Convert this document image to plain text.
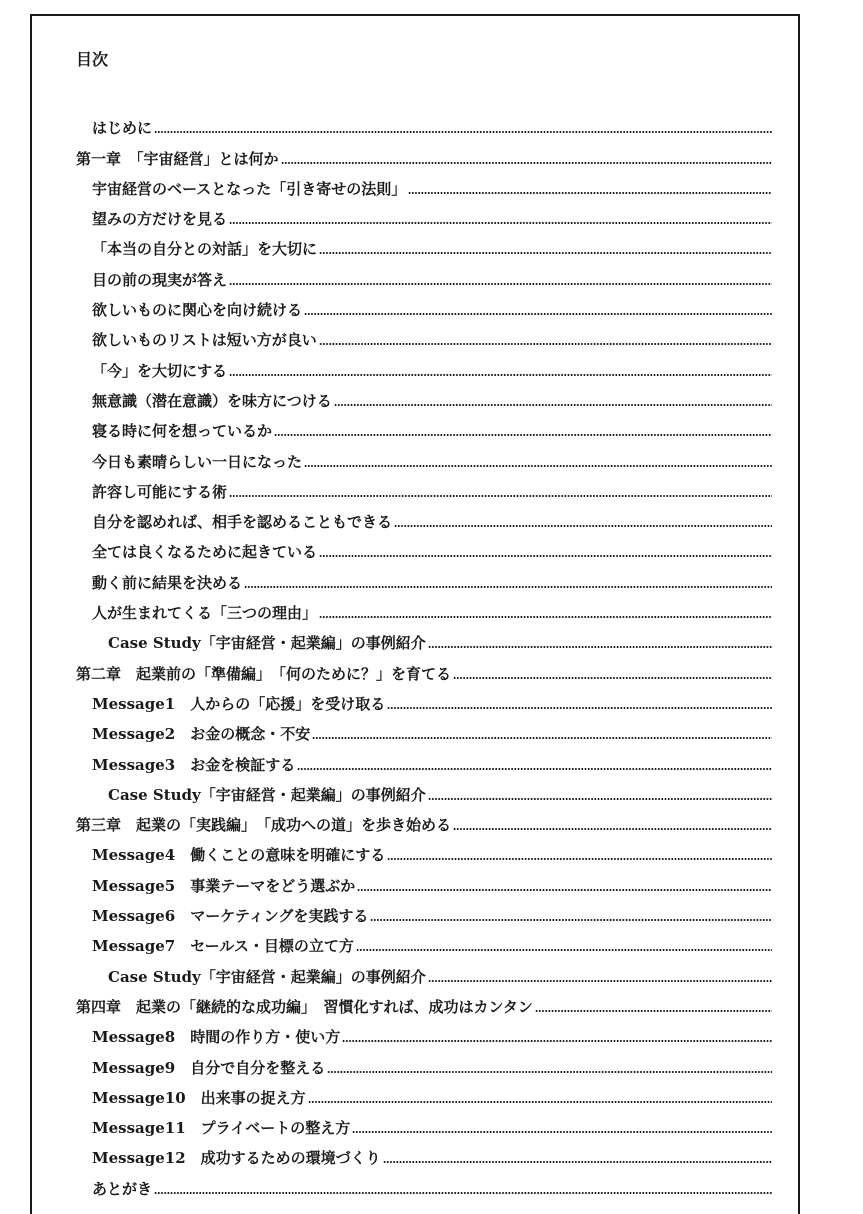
目次
はじめに
第一章　「宇宙経営」とは何か
宇宙経営のベースとなった「引き寄せの法則」
望みの方だけを見る
「本当の自分との対話」を大切に
目の前の現実が答え
欲しいものに関心を向け続ける
欲しいものリストは短い方が良い
「今」を大切にする
無意識（潜在意識）を味方につける
寝る時に何を想っているか
今日も素晴らしい一日になった
許容し可能にする術
自分を認めれば、相手を認めることもできる
全ては良くなるために起きている
動く前に結果を決める
人が生まれてくる「三つの理由」
Case Study「宇宙経営・起業編」の事例紹介
第二章　起業前の「準備編」　「何のために？」を育てる
Message1　人からの「応援」を受け取る
Message2　お金の概念・不安
Message3　お金を検証する
Case Study「宇宙経営・起業編」の事例紹介
第三章　起業の「実践編」　「成功への道」を歩き始める
Message4　働くことの意味を明確にする
Message5　事業テーマをどう選ぶか
Message6　マーケティングを実践する
Message7　セールス・目標の立て方
Case Study「宇宙経営・起業編」の事例紹介
第四章　起業の「継続的な成功編」　習慣化すれば、成功はカンタン
Message8　時間の作り方・使い方
Message9　自分で自分を整える
Message10　出来事の捉え方
Message11　プライベートの整え方
Message12　成功するための環境づくり
あとがき
